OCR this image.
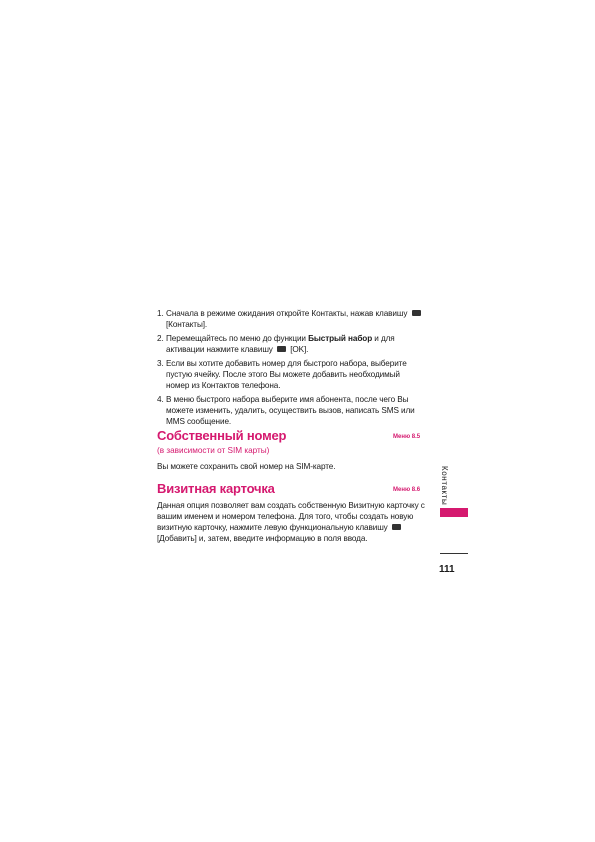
1. Сначала в режиме ожидания откройте Контакты, нажав клавишу  [Контакты].
2. Перемещайтесь по меню до функции Быстрый набор и для активации нажмите клавишу [OK].
3. Если вы хотите добавить номер для быстрого набора, выберите пустую ячейку. После этого Вы можете добавить необходимый номер из Контактов телефона.
4. В меню быстрого набора выберите имя абонента, после чего Вы можете изменить, удалить, осуществить вызов, написать SMS или MMS сообщение.
Собственный номер	Меню 8.5
(в зависимости от SIM карты)

Вы можете сохранить свой номер на SIM-карте.

Визитная карточка	Меню 8.6

Данная опция позволяет вам создать собственную Визитную карточку с вашим именем и номером телефона. Для того, чтобы создать новую визитную карточку, нажмите левую функциональную клавишу  [Добавить] и, затем, введите информацию в поля ввода.

Контакты
111
